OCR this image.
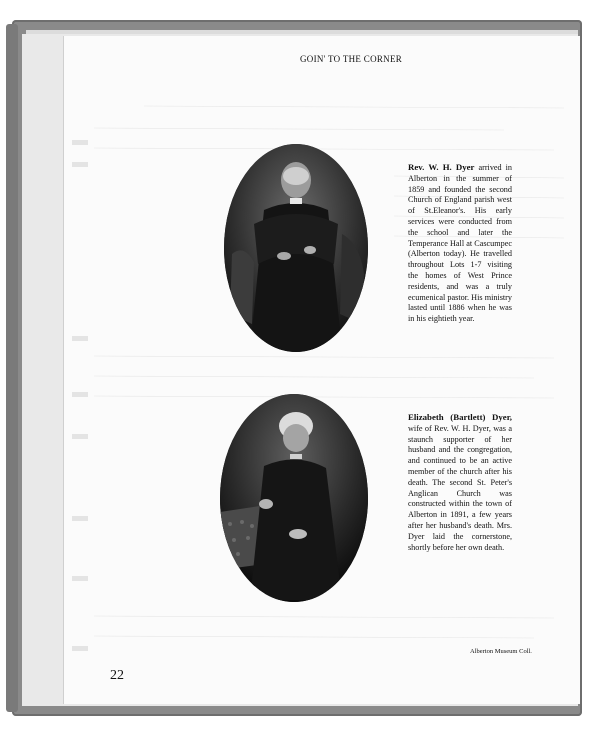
GOIN' TO THE CORNER
Rev. W. H. Dyer arrived in Alberton in the summer of 1859 and founded the second Church of England parish west of St.Eleanor's. His early services were conducted from the school and later the Temperance Hall at Cascumpec (Alberton today). He travelled throughout Lots 1-7 visiting the homes of West Prince residents, and was a truly ecumenical pastor. His ministry lasted until 1886 when he was in his eightieth year.
Elizabeth (Bartlett) Dyer, wife of Rev. W. H. Dyer, was a staunch supporter of her husband and the congregation, and continued to be an active member of the church after his death. The second St. Peter's Anglican Church was constructed within the town of Alberton in 1891, a few years after her husband's death. Mrs. Dyer laid the cornerstone, shortly before her own death.
Alberton Museum Coll.
22
